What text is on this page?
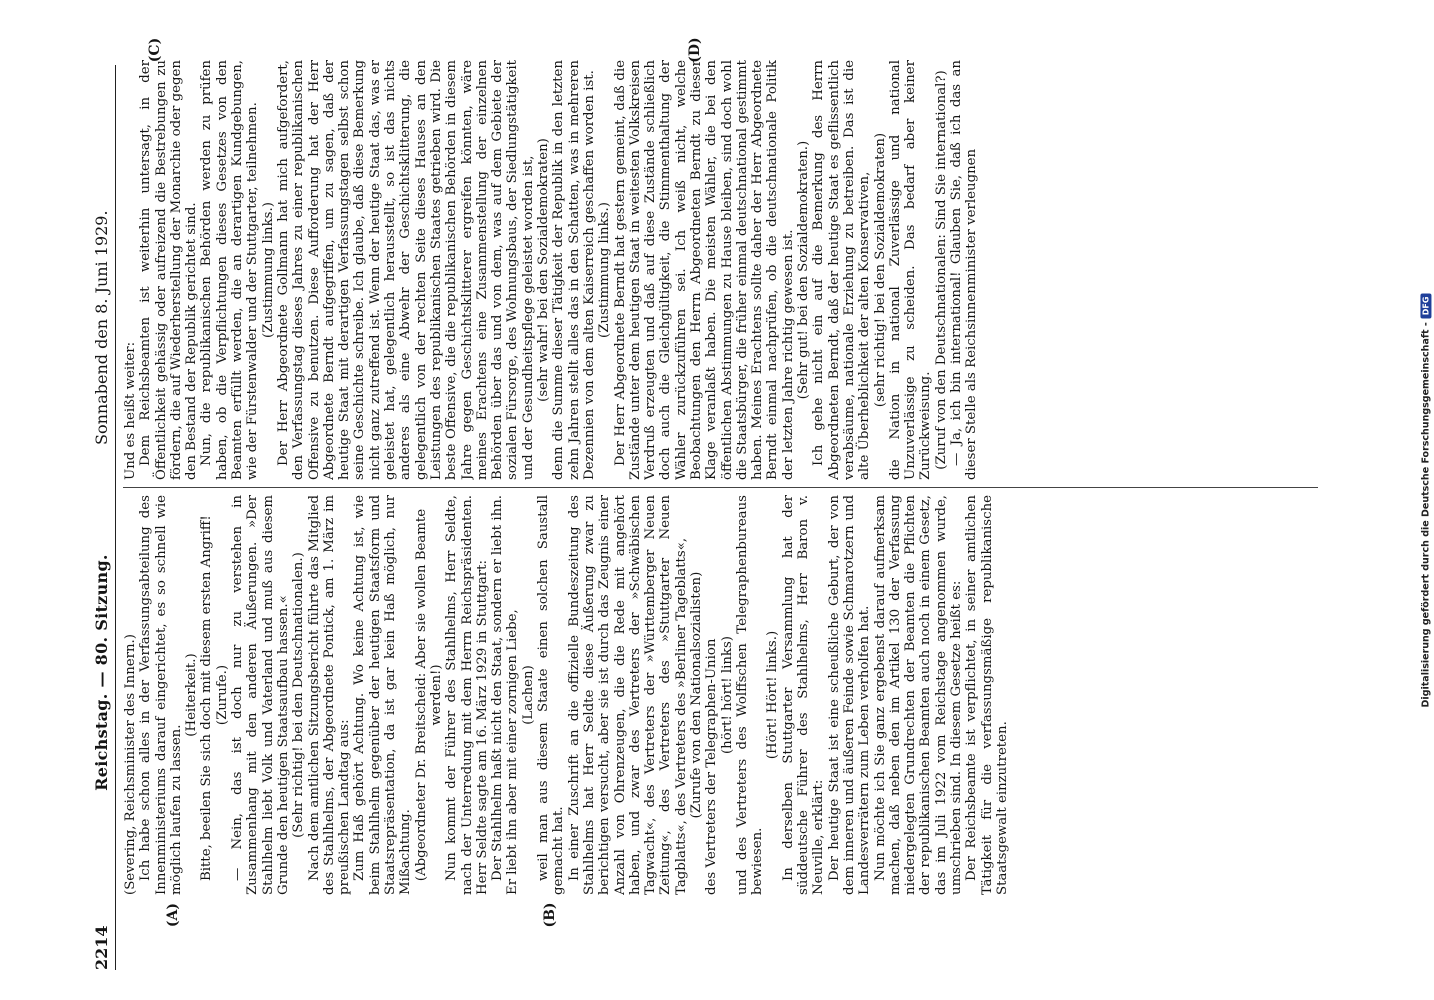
2214
Reichstag. — 80. Sitzung.
Sonnabend den 8. Juni 1929.
(A)	(B)
(C)	(D)

(Severing, Reichsminister des Innern.) Ich habe schon alles in der Verfassungsabteilung des Innenministeriums darauf eingerichtet, es so schnell wie möglich laufen zu lassen.

(Heiterkeit.) Bitte, beeilen Sie sich doch mit diesem ersten Angriff! (Zurufe.) — Nein, das ist doch nur zu verstehen in Zusammenhang mit den anderen Äußerungen. »Der Stahlhelm liebt Volk und Vaterland und muß aus diesem Grunde den heutigen Staatsaufbau hassen.« (Sehr richtig! bei den Deutschnationalen.) Nach dem amtlichen Sitzungsbericht führte das Mitglied des Stahlhelms, der Abgeordnete Pontick, am 1. März im preußischen Landtag aus: Zum Haß gehört Achtung. Wo keine Achtung ist, wie beim Stahlhelm gegenüber der heutigen Staatsform und Staatsrepräsentation, da ist gar kein Haß möglich, nur Mißachtung. (Abgeordneter Dr. Breitscheid: Aber sie wollen Beamte werden!) Nun kommt der Führer des Stahlhelms, Herr Seldte, nach der Unterredung mit dem Herrn Reichspräsidenten. Herr Seldte sagte am 16. März 1929 in Stuttgart: Der Stahlhelm haßt nicht den Staat, sondern er liebt ihn. Er liebt ihn aber mit einer zornigen Liebe, (Lachen) weil man aus diesem Staate einen solchen Saustall gemacht hat. In einer Zuschrift an die offizielle Bundeszeitung des Stahlhelms hat Herr Seldte diese Äußerung zwar zu berichtigen versucht, aber sie ist durch das Zeugnis einer Anzahl von Ohrenzeugen, die die Rede mit angehört haben, und zwar des Vertreters der »Schwäbischen Tagwacht«, des Vertreters der »Württemberger Neuen Zeitung«, des Vertreters des »Stuttgarter Neuen Tagblatts«, des Vertreters des »Berliner Tageblatts«, (Zurufe von den Nationalsozialisten) des Vertreters der Telegraphen-Union (hört! hört! links) und des Vertreters des Wolffschen Telegraphenbureaus bewiesen.

(Hört! Hört! links.) In derselben Stuttgarter Versammlung hat der süddeutsche Führer des Stahlhelms, Herr Baron v. Neuville, erklärt: Der heutige Staat ist eine scheußliche Geburt, der von dem inneren und äußeren Feinde sowie Schmarotzern und Landesverrätern zum Leben verholfen hat. Nun möchte ich Sie ganz ergebenst darauf aufmerksam machen, daß neben den im Artikel 130 der Verfassung niedergelegten Grundrechten der Beamten die Pflichten der republikanischen Beamten auch noch in einem Gesetz, das im Juli 1922 vom Reichstage angenommen wurde, umschrieben sind. In diesem Gesetze heißt es: Der Reichsbeamte ist verpflichtet, in seiner amtlichen Tätigkeit für die verfassungsmäßige republikanische Staatsgewalt einzutreten.

Und es heißt weiter: Dem Reichsbeamten ist weiterhin untersagt, in der Öffentlichkeit gehässig oder aufreizend die Bestrebungen zu fördern, die auf Wiederherstellung der Monarchie oder gegen den Bestand der Republik gerichtet sind. Nun, die republikanischen Behörden werden zu prüfen haben, ob die Verpflichtungen dieses Gesetzes von den Beamten erfüllt werden, die an derartigen Kundgebungen, wie der Fürstenwalder und der Stuttgarter, teilnehmen. (Zustimmung links.) Der Herr Abgeordnete Gollmann hat mich aufgefordert, den Verfassungstag dieses Jahres zu einer republikanischen Offensive zu benutzen. Diese Aufforderung hat der Herr Abgeordnete Berndt aufgegriffen, um zu sagen, daß der heutige Staat mit derartigen Verfassungstagen selbst schon seine Geschichte schreibe. Ich glaube, daß diese Bemerkung nicht ganz zutreffend ist. Wenn der heutige Staat das, was er geleistet hat, gelegentlich herausstellt, so ist das nichts anderes als eine Abwehr der Geschichtsklitterung, die gelegentlich von der rechten Seite dieses Hauses an den Leistungen des republikanischen Staates getrieben wird. Die beste Offensive, die die republikanischen Behörden in diesem Jahre gegen Geschichtsklitterer ergreifen könnten, wäre meines Erachtens eine Zusammenstellung der einzelnen Behörden über das und von dem, was auf dem Gebiete der sozialen Fürsorge, des Wohnungsbaus, der Siedlungstätigkeit und der Gesundheitspflege geleistet worden ist, (sehr wahr! bei den Sozialdemokraten) denn die Summe dieser Tätigkeit der Republik in den letzten zehn Jahren stellt alles das in den Schatten, was in mehreren Dezennien von dem alten Kaiserreich geschaffen worden ist. (Zustimmung links.) Der Herr Abgeordnete Berndt hat gestern gemeint, daß die Zustände unter dem heutigen Staat in weitesten Volkskreisen Verdruß erzeugten und daß auf diese Zustände schließlich doch auch die Gleichgültigkeit, die Stimmenthaltung der Wähler zurückzuführen sei. Ich weiß nicht, welche Beobachtungen den Herrn Abgeordneten Berndt zu dieser Klage veranlaßt haben. Die meisten Wähler, die bei den öffentlichen Abstimmungen zu Hause bleiben, sind doch wohl die Staatsbürger, die früher einmal deutschnational gestimmt haben. Meines Erachtens sollte daher der Herr Abgeordnete Berndt einmal nachprüfen, ob die deutschnationale Politik der letzten Jahre richtig gewesen ist. (Sehr gut! bei den Sozialdemokraten.) Ich gehe nicht ein auf die Bemerkung des Herrn Abgeordneten Berndt, daß der heutige Staat es geflissentlich verabsäume, nationale Erziehung zu betreiben. Das ist die alte Überheblichkeit der alten Konservativen, (sehr richtig! bei den Sozialdemokraten) die Nation in national Zuverlässige und national Unzuverlässige zu scheiden. Das bedarf aber keiner Zurückweisung. (Zuruf von den Deutschnationalen: Sind Sie international?) — Ja, ich bin international! Glauben Sie, daß ich das an dieser Stelle als Reichsinnenminister verleugnen

Digitalisierung gefördert durch die Deutsche Forschungsgemeinschaft -
DFG
